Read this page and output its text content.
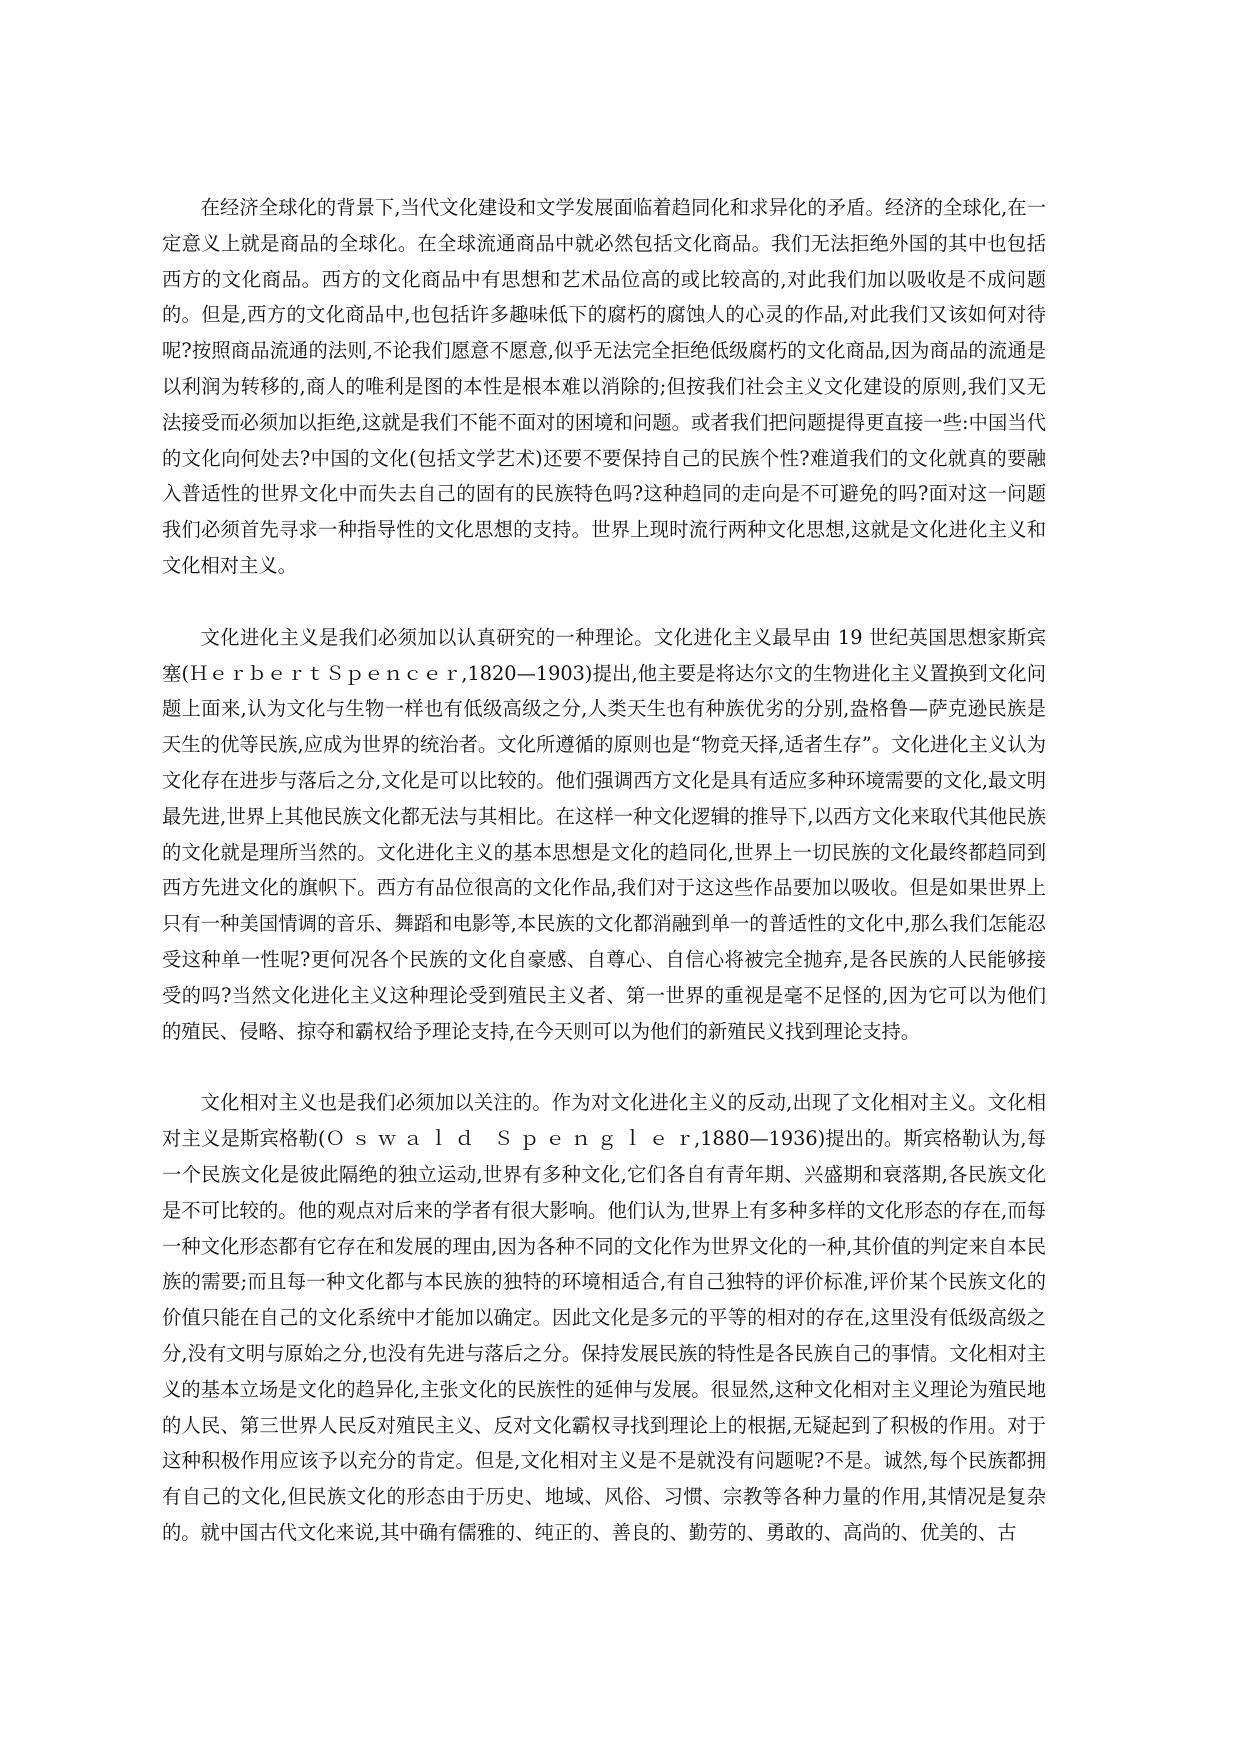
在经济全球化的背景下,当代文化建设和文学发展面临着趋同化和求异化的矛盾。经济的全球化,在一定意义上就是商品的全球化。在全球流通商品中就必然包括文化商品。我们无法拒绝外国的其中也包括西方的文化商品。西方的文化商品中有思想和艺术品位高的或比较高的,对此我们加以吸收是不成问题的。但是,西方的文化商品中,也包括许多趣味低下的腐朽的腐蚀人的心灵的作品,对此我们又该如何对待呢?按照商品流通的法则,不论我们愿意不愿意,似乎无法完全拒绝低级腐朽的文化商品,因为商品的流通是以利润为转移的,商人的唯利是图的本性是根本难以消除的;但按我们社会主义文化建设的原则,我们又无法接受而必须加以拒绝,这就是我们不能不面对的困境和问题。或者我们把问题提得更直接一些:中国当代的文化向何处去?中国的文化(包括文学艺术)还要不要保持自己的民族个性?难道我们的文化就真的要融入普适性的世界文化中而失去自己的固有的民族特色吗?这种趋同的走向是不可避免的吗?面对这一问题我们必须首先寻求一种指导性的文化思想的支持。世界上现时流行两种文化思想,这就是文化进化主义和文化相对主义。

文化进化主义是我们必须加以认真研究的一种理论。文化进化主义最早由 19 世纪英国思想家斯宾塞(ＨｅｒｂｅｒｔＳｐｅｎｃｅｒ,1820—1903)提出,他主要是将达尔文的生物进化主义置换到文化问题上面来,认为文化与生物一样也有低级高级之分,人类天生也有种族优劣的分别,盎格鲁—萨克逊民族是天生的优等民族,应成为世界的统治者。文化所遵循的原则也是“物竞天择,适者生存”。文化进化主义认为文化存在进步与落后之分,文化是可以比较的。他们强调西方文化是具有适应多种环境需要的文化,最文明最先进,世界上其他民族文化都无法与其相比。在这样一种文化逻辑的推导下,以西方文化来取代其他民族的文化就是理所当然的。文化进化主义的基本思想是文化的趋同化,世界上一切民族的文化最终都趋同到西方先进文化的旗帜下。西方有品位很高的文化作品,我们对于这这些作品要加以吸收。但是如果世界上只有一种美国情调的音乐、舞蹈和电影等,本民族的文化都消融到单一的普适性的文化中,那么我们怎能忍受这种单一性呢?更何况各个民族的文化自豪感、自尊心、自信心将被完全抛弃,是各民族的人民能够接受的吗?当然文化进化主义这种理论受到殖民主义者、第一世界的重视是毫不足怪的,因为它可以为他们的殖民、侵略、掠夺和霸权给予理论支持,在今天则可以为他们的新殖民义找到理论支持。

文化相对主义也是我们必须加以关注的。作为对文化进化主义的反动,出现了文化相对主义。文化相对主义是斯宾格勒(Ｏ ｓ ｗ ａ ｌ ｄ　Ｓ ｐ ｅ ｎ ｇ ｌ ｅ ｒ,1880—1936)提出的。斯宾格勒认为,每一个民族文化是彼此隔绝的独立运动,世界有多种文化,它们各自有青年期、兴盛期和衰落期,各民族文化是不可比较的。他的观点对后来的学者有很大影响。他们认为,世界上有多种多样的文化形态的存在,而每一种文化形态都有它存在和发展的理由,因为各种不同的文化作为世界文化的一种,其价值的判定来自本民族的需要;而且每一种文化都与本民族的独特的环境相适合,有自己独特的评价标准,评价某个民族文化的价值只能在自己的文化系统中才能加以确定。因此文化是多元的平等的相对的存在,这里没有低级高级之分,没有文明与原始之分,也没有先进与落后之分。保持发展民族的特性是各民族自己的事情。文化相对主义的基本立场是文化的趋异化,主张文化的民族性的延伸与发展。很显然,这种文化相对主义理论为殖民地的人民、第三世界人民反对殖民主义、反对文化霸权寻找到理论上的根据,无疑起到了积极的作用。对于这种积极作用应该予以充分的肯定。但是,文化相对主义是不是就没有问题呢?不是。诚然,每个民族都拥有自己的文化,但民族文化的形态由于历史、地域、风俗、习惯、宗教等各种力量的作用,其情况是复杂的。就中国古代文化来说,其中确有儒雅的、纯正的、善良的、勤劳的、勇敢的、高尚的、优美的、古
